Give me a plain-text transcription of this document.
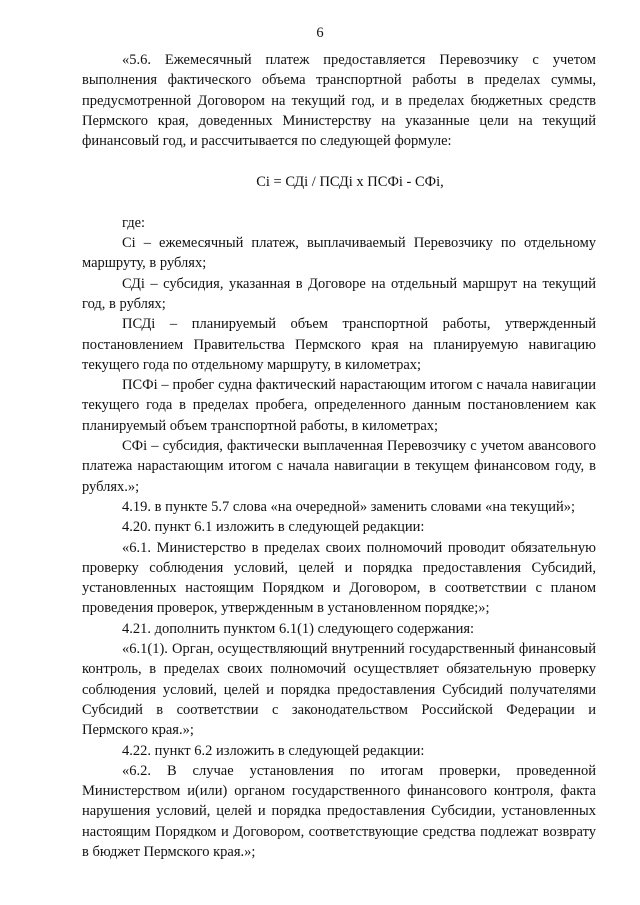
6

«5.6. Ежемесячный платеж предоставляется Перевозчику с учетом выполнения фактического объема транспортной работы в пределах суммы, предусмотренной Договором на текущий год, и в пределах бюджетных средств Пермского края, доведенных Министерству на указанные цели на текущий финансовый год, и рассчитывается по следующей формуле:

Ci = СДi / ПСДi x ПСФi - СФi,

где:

Ci – ежемесячный платеж, выплачиваемый Перевозчику по отдельному маршруту, в рублях;

СДi – субсидия, указанная в Договоре на отдельный маршрут на текущий год, в рублях;

ПСДi – планируемый объем транспортной работы, утвержденный постановлением Правительства Пермского края на планируемую навигацию текущего года по отдельному маршруту, в километрах;

ПСФi – пробег судна фактический нарастающим итогом с начала навигации текущего года в пределах пробега, определенного данным постановлением как планируемый объем транспортной работы, в километрах;

СФi – субсидия, фактически выплаченная Перевозчику с учетом авансового платежа нарастающим итогом с начала навигации в текущем финансовом году, в рублях.»;

4.19. в пункте 5.7 слова «на очередной» заменить словами «на текущий»;

4.20. пункт 6.1 изложить в следующей редакции:

«6.1. Министерство в пределах своих полномочий проводит обязательную проверку соблюдения условий, целей и порядка предоставления Субсидий, установленных настоящим Порядком и Договором, в соответствии с планом проведения проверок, утвержденным в установленном порядке;»;

4.21. дополнить пунктом 6.1(1) следующего содержания:

«6.1(1). Орган, осуществляющий внутренний государственный финансовый контроль, в пределах своих полномочий осуществляет обязательную проверку соблюдения условий, целей и порядка предоставления Субсидий получателями Субсидий в соответствии с законодательством Российской Федерации и Пермского края.»;

4.22. пункт 6.2 изложить в следующей редакции:

«6.2. В случае установления по итогам проверки, проведенной Министерством и(или) органом государственного финансового контроля, факта нарушения условий, целей и порядка предоставления Субсидии, установленных настоящим Порядком и Договором, соответствующие средства подлежат возврату в бюджет Пермского края.»;
